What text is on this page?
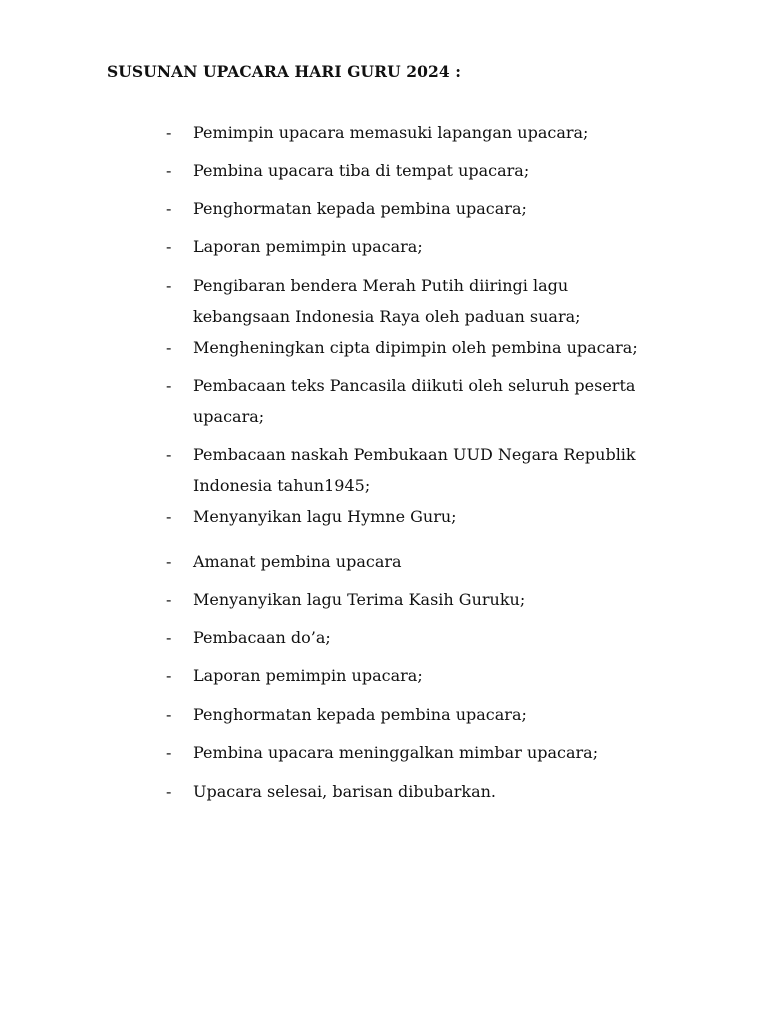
SUSUNAN UPACARA HARI GURU 2024 :
- Pemimpin upacara memasuki lapangan upacara;
- Pembina upacara tiba di tempat upacara;
- Penghormatan kepada pembina upacara;
- Laporan pemimpin upacara;
- Pengibaran bendera Merah Putih diiringi lagu
kebangsaan Indonesia Raya oleh paduan suara;
- Mengheningkan cipta dipimpin oleh pembina upacara;
- Pembacaan teks Pancasila diikuti oleh seluruh peserta
upacara;
- Pembacaan naskah Pembukaan UUD Negara Republik
Indonesia tahun1945;
- Menyanyikan lagu Hymne Guru;
- Amanat pembina upacara
- Menyanyikan lagu Terima Kasih Guruku;
- Pembacaan do’a;
- Laporan pemimpin upacara;
- Penghormatan kepada pembina upacara;
- Pembina upacara meninggalkan mimbar upacara;
- Upacara selesai, barisan dibubarkan.
